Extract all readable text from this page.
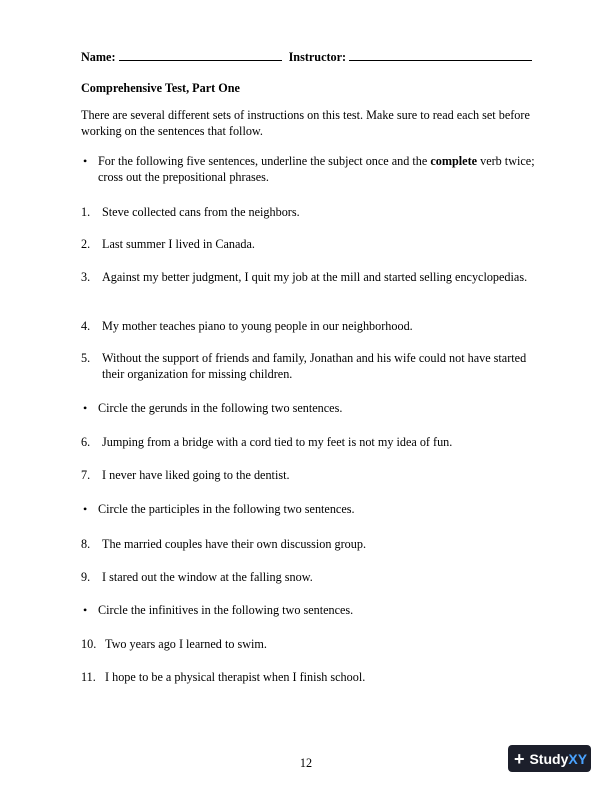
Name:	Instructor:
Comprehensive Test, Part One
There are several different sets of instructions on this test. Make sure to read each set before working on the sentences that follow.
• For the following five sentences, underline the subject once and the complete verb twice; cross out the prepositional phrases.
1. Steve collected cans from the neighbors.
2. Last summer I lived in Canada.
3. Against my better judgment, I quit my job at the mill and started selling encyclopedias.
4. My mother teaches piano to young people in our neighborhood.
5. Without the support of friends and family, Jonathan and his wife could not have started their organization for missing children.
• Circle the gerunds in the following two sentences.
6. Jumping from a bridge with a cord tied to my feet is not my idea of fun.
7. I never have liked going to the dentist.
• Circle the participles in the following two sentences.
8. The married couples have their own discussion group.
9. I stared out the window at the falling snow.
• Circle the infinitives in the following two sentences.
10. Two years ago I learned to swim.
11. I hope to be a physical therapist when I finish school.
12	+ Study XY
